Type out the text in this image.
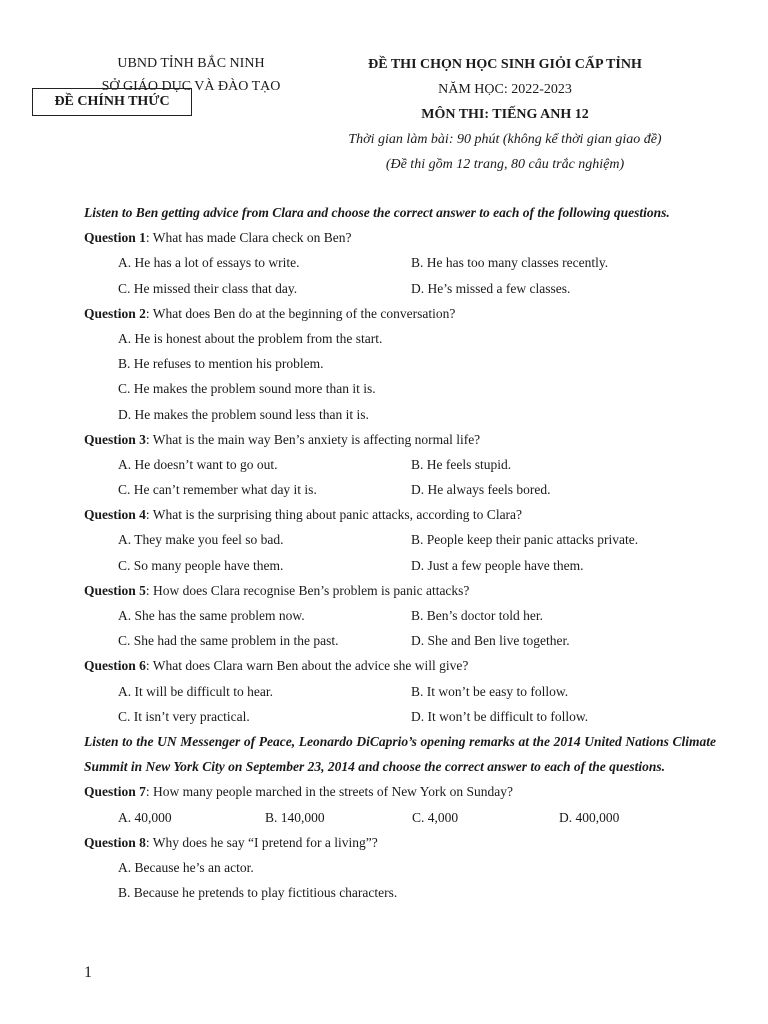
UBND TỈNH BẮC NINH
SỞ GIÁO DỤC VÀ ĐÀO TẠO
ĐỀ CHÍNH THỨC
ĐỀ THI CHỌN HỌC SINH GIỎI CẤP TỈNH
NĂM HỌC: 2022-2023
MÔN THI: TIẾNG ANH 12
Thời gian làm bài: 90 phút (không kể thời gian giao đề)
(Đề thi gồm 12 trang, 80 câu trắc nghiệm)
Listen to Ben getting advice from Clara and choose the correct answer to each of the following questions.
Question 1: What has made Clara check on Ben?
A. He has a lot of essays to write.	B. He has too many classes recently.
C. He missed their class that day.	D. He’s missed a few classes.
Question 2: What does Ben do at the beginning of the conversation?
A. He is honest about the problem from the start.
B. He refuses to mention his problem.
C. He makes the problem sound more than it is.
D. He makes the problem sound less than it is.
Question 3: What is the main way Ben’s anxiety is affecting normal life?
A. He doesn’t want to go out.	B. He feels stupid.
C. He can’t remember what day it is.	D. He always feels bored.
Question 4: What is the surprising thing about panic attacks, according to Clara?
A. They make you feel so bad.	B. People keep their panic attacks private.
C. So many people have them.	D. Just a few people have them.
Question 5: How does Clara recognise Ben’s problem is panic attacks?
A. She has the same problem now.	B. Ben’s doctor told her.
C. She had the same problem in the past.	D. She and Ben live together.
Question 6: What does Clara warn Ben about the advice she will give?
A. It will be difficult to hear.	B. It won’t be easy to follow.
C. It isn’t very practical.	D. It won’t be difficult to follow.
Listen to the UN Messenger of Peace, Leonardo DiCaprio’s opening remarks at the 2014 United Nations Climate Summit in New York City on September 23, 2014 and choose the correct answer to each of the questions.
Question 7: How many people marched in the streets of New York on Sunday?
A. 40,000	B. 140,000	C. 4,000	D. 400,000
Question 8: Why does he say “I pretend for a living”?
A. Because he’s an actor.
B. Because he pretends to play fictitious characters.
1
